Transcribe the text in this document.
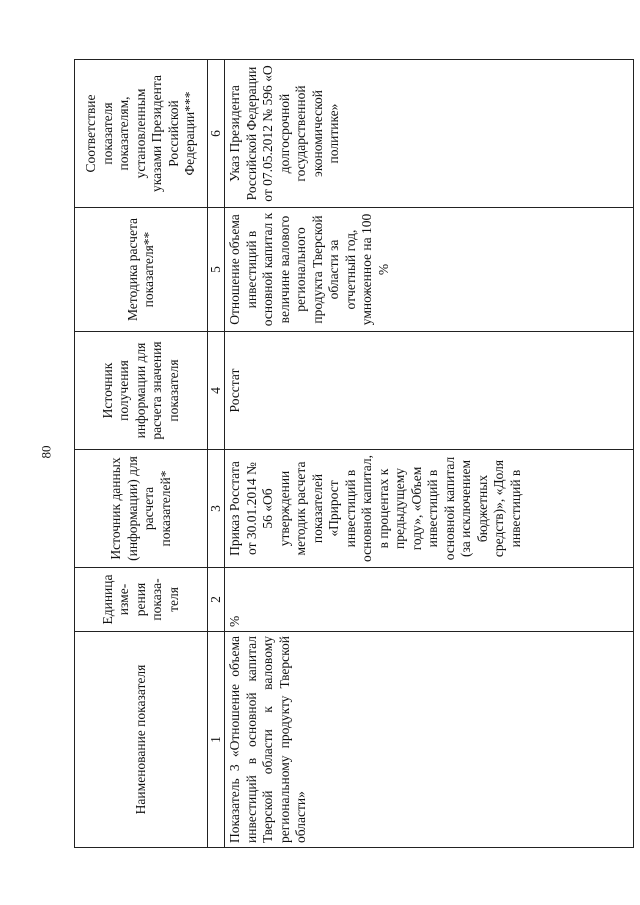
80
Наименование показателя	Единица изме-рения показа-теля	Источник данных (информации) для расчета показателей*	Источник получения информации для расчета значения показателя	Методика расчета показателя**	Соответствие показателя показателям, установленным указами Президента Российской Федерации***
1	2	3	4	5	6
Показатель 3 «Отношение объема инвестиций в основной капитал Тверской области к валовому региональному продукту Тверской области»	%	Приказ Росстата от 30.01.2014 № 56 «Об утверждении методик расчета показателей «Прирост инвестиций в основной капитал, в процентах к предыдущему году», «Объем инвестиций в основной капитал (за исключением бюджетных средств)», «Доля инвестиций в	Росстат	Отношение объема инвестиций в основной капитал к величине валового регионального продукта Тверской области за отчетный год, умноженное на 100 %	Указ Президента Российской Федерации от 07.05.2012 № 596 «О долгосрочной государственной экономической политике»
